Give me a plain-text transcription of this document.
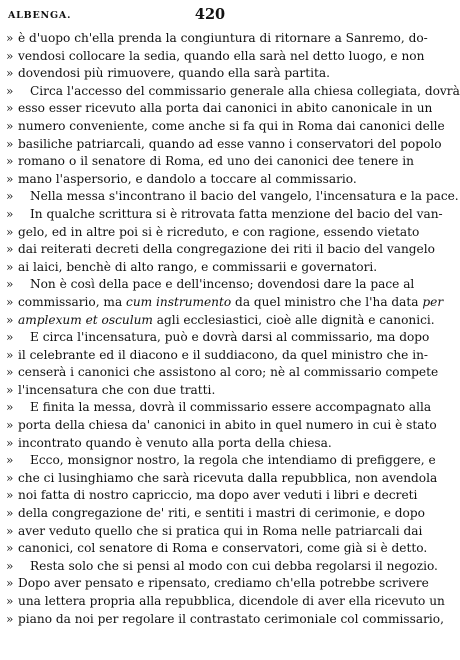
ALBENGA.	420
» è d'uopo ch'ella prenda la congiuntura di ritornare a Sanremo, do-
» vendosi collocare la sedia, quando ella sarà nel detto luogo, e non
» dovendosi più rimuovere, quando ella sarà partita.
» Circa l'accesso del commissario generale alla chiesa collegiata, dovrà
» esso esser ricevuto alla porta dai canonici in abito canonicale in un
» numero conveniente, come anche si fa qui in Roma dai canonici delle
» basiliche patriarcali, quando ad esse vanno i conservatori del popolo
» romano o il senatore di Roma, ed uno dei canonici dee tenere in
» mano l'aspersorio, e dandolo a toccare al commissario.
» Nella messa s'incontrano il bacio del vangelo, l'incensatura e la pace.
» In qualche scrittura si è ritrovata fatta menzione del bacio del van-
» gelo, ed in altre poi si è ricreduto, e con ragione, essendo vietato
» dai reiterati decreti della congregazione dei riti il bacio del vangelo
» ai laici, benchè di alto rango, e commissarii e governatori.
» Non è così della pace e dell'incenso; dovendosi dare la pace al
» commissario, ma cum instrumento da quel ministro che l'ha data per
» amplexum et osculum agli ecclesiastici, cioè alle dignità e canonici.
» E circa l'incensatura, può e dovrà darsi al commissario, ma dopo
» il celebrante ed il diacono e il suddiacono, da quel ministro che in-
» censerà i canonici che assistono al coro; nè al commissario compete
» l'incensatura che con due tratti.
» E finita la messa, dovrà il commissario essere accompagnato alla
» porta della chiesa da' canonici in abito in quel numero in cui è stato
» incontrato quando è venuto alla porta della chiesa.
» Ecco, monsignor nostro, la regola che intendiamo di prefiggere, e
» che ci lusinghiamo che sarà ricevuta dalla repubblica, non avendola
» noi fatta di nostro capriccio, ma dopo aver veduti i libri e decreti
» della congregazione de' riti, e sentiti i mastri di cerimonie, e dopo
» aver veduto quello che si pratica qui in Roma nelle patriarcali dai
» canonici, col senatore di Roma e conservatori, come già si è detto.
» Resta solo che si pensi al modo con cui debba regolarsi il negozio.
» Dopo aver pensato e ripensato, crediamo ch'ella potrebbe scrivere
» una lettera propria alla repubblica, dicendole di aver ella ricevuto un
» piano da noi per regolare il contrastato cerimoniale col commissario,
